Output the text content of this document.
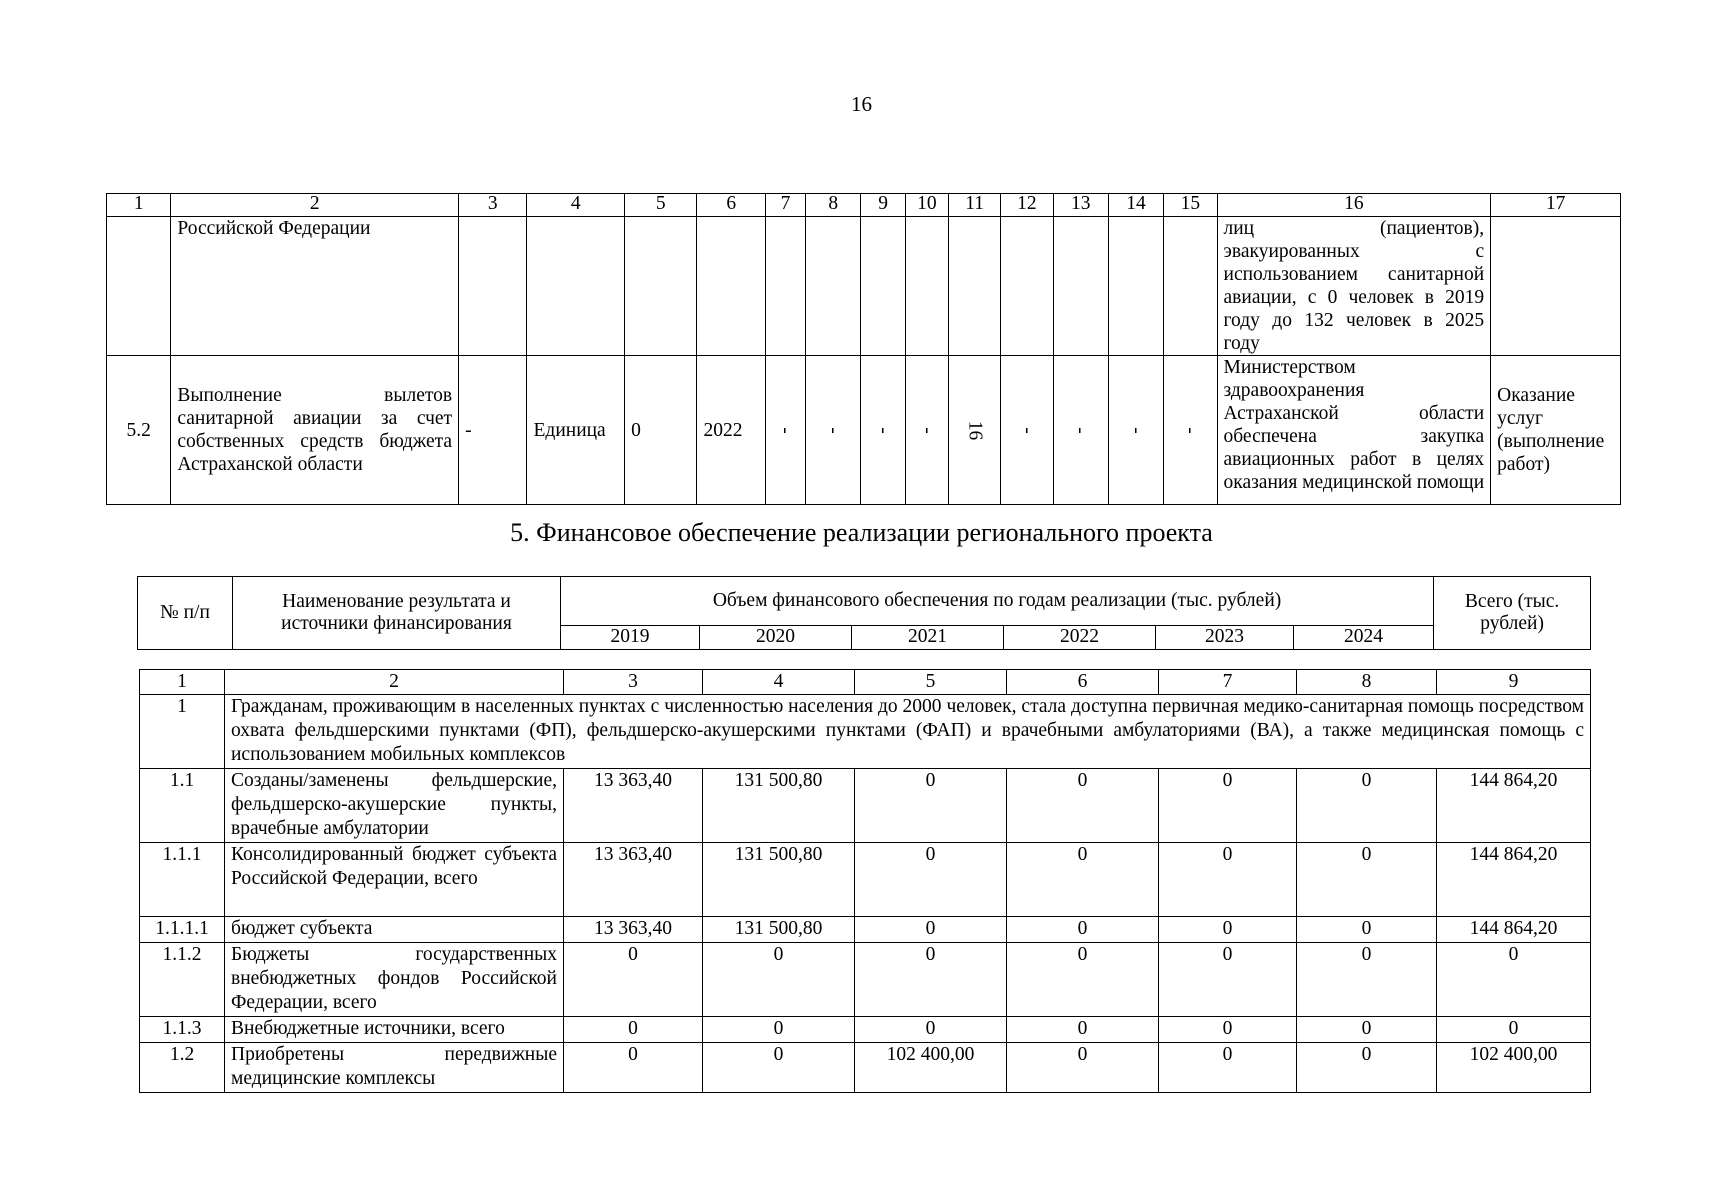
16
1	2	3	4	5	6	7	8	9	10	11	12	13	14	15	16	17
	Российской Федерации														лиц (пациентов), эвакуированных с использованием санитарной авиации, с 0 человек в 2019 году до 132 человек в 2025 году	
5.2	Выполнение вылетов санитарной авиации за счет собственных средств бюджета Астраханской области	-	Единица	0	2022	-	-	-	-	16	-	-	-	-	Министерством здравоохранения Астраханской области обеспечена закупка авиационных работ в целях оказания медицинской помощи	Оказание услуг (выполнение работ)
5. Финансовое обеспечение реализации регионального проекта
№ п/п	Наименование результата и источники финансирования	Объем финансового обеспечения по годам реализации (тыс. рублей)						Всего (тыс. рублей)
		2019	2020	2021	2022	2023	2024	
1	2	3	4	5	6	7	8	9
1	Гражданам, проживающим в населенных пунктах с численностью населения до 2000 человек, стала доступна первичная медико-санитарная помощь посредством охвата фельдшерскими пунктами (ФП), фельдшерско-акушерскими пунктами (ФАП) и врачебными амбулаториями (ВА), а также медицинская помощь с использованием мобильных комплексов							
1.1	Созданы/заменены фельдшерские, фельдшерско-акушерские пункты, врачебные амбулатории	13 363,40	131 500,80	0	0	0	0	144 864,20
1.1.1	Консолидированный бюджет субъекта Российской Федерации, всего	13 363,40	131 500,80	0	0	0	0	144 864,20
1.1.1.1	бюджет субъекта	13 363,40	131 500,80	0	0	0	0	144 864,20
1.1.2	Бюджеты государственных внебюджетных фондов Российской Федерации, всего	0	0	0	0	0	0	0
1.1.3	Внебюджетные источники, всего	0	0	0	0	0	0	0
1.2	Приобретены передвижные медицинские комплексы	0	0	102 400,00	0	0	0	102 400,00
